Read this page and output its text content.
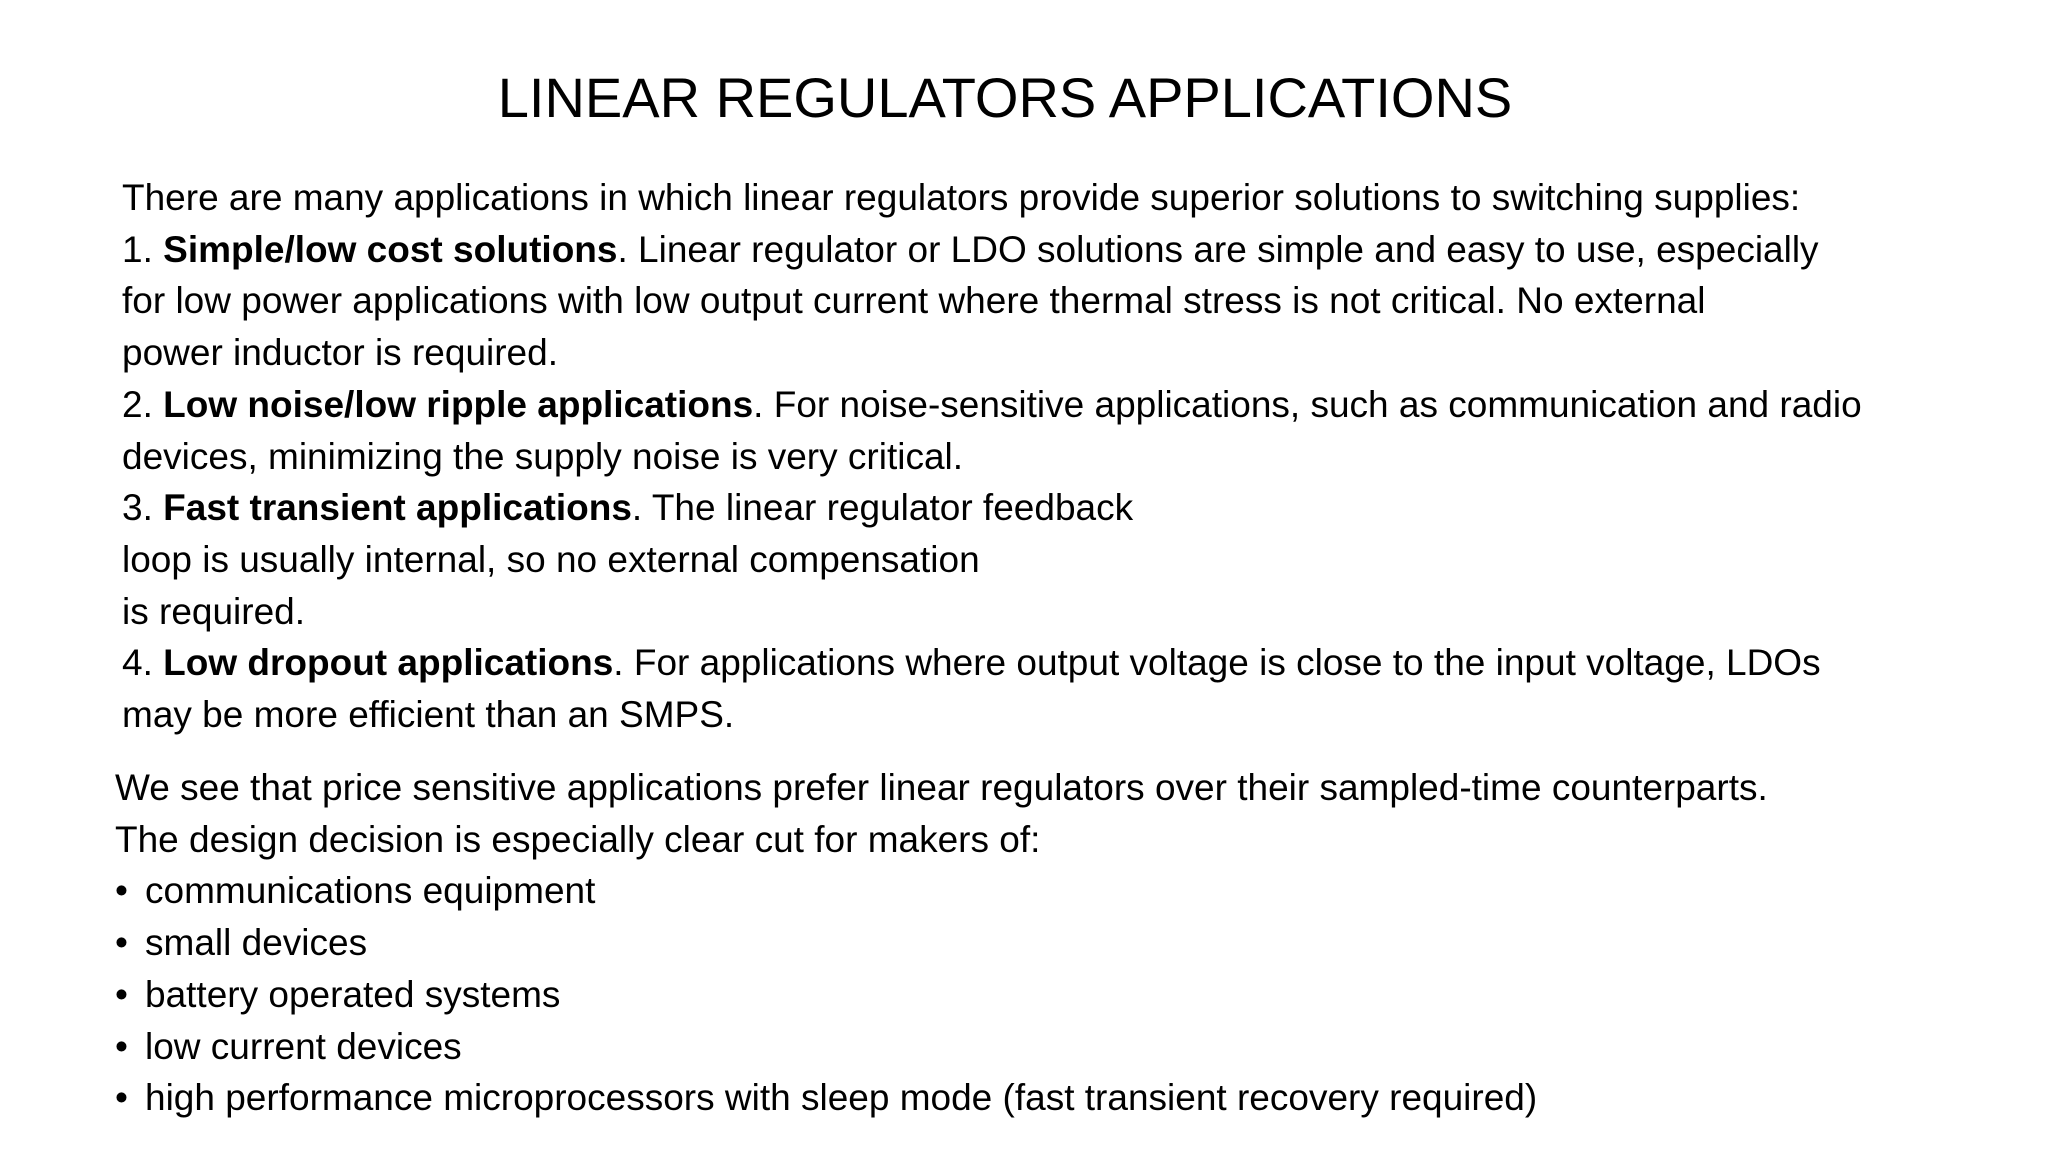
LINEAR REGULATORS APPLICATIONS
There are many applications in which linear regulators provide superior solutions to switching supplies:
1. Simple/low cost solutions. Linear regulator or LDO solutions are simple and easy to use, especially
for low power applications with low output current where thermal stress is not critical. No external
power inductor is required.
2. Low noise/low ripple applications. For noise-sensitive applications, such as communication and radio
devices, minimizing the supply noise is very critical.
3. Fast transient applications. The linear regulator feedback
loop is usually internal, so no external compensation
is required.
4. Low dropout applications. For applications where output voltage is close to the input voltage, LDOs
may be more efficient than an SMPS.
We see that price sensitive applications prefer linear regulators over their sampled-time counterparts.
The design decision is especially clear cut for makers of:
• communications equipment
• small devices
• battery operated systems
• low current devices
• high performance microprocessors with sleep mode (fast transient recovery required)
